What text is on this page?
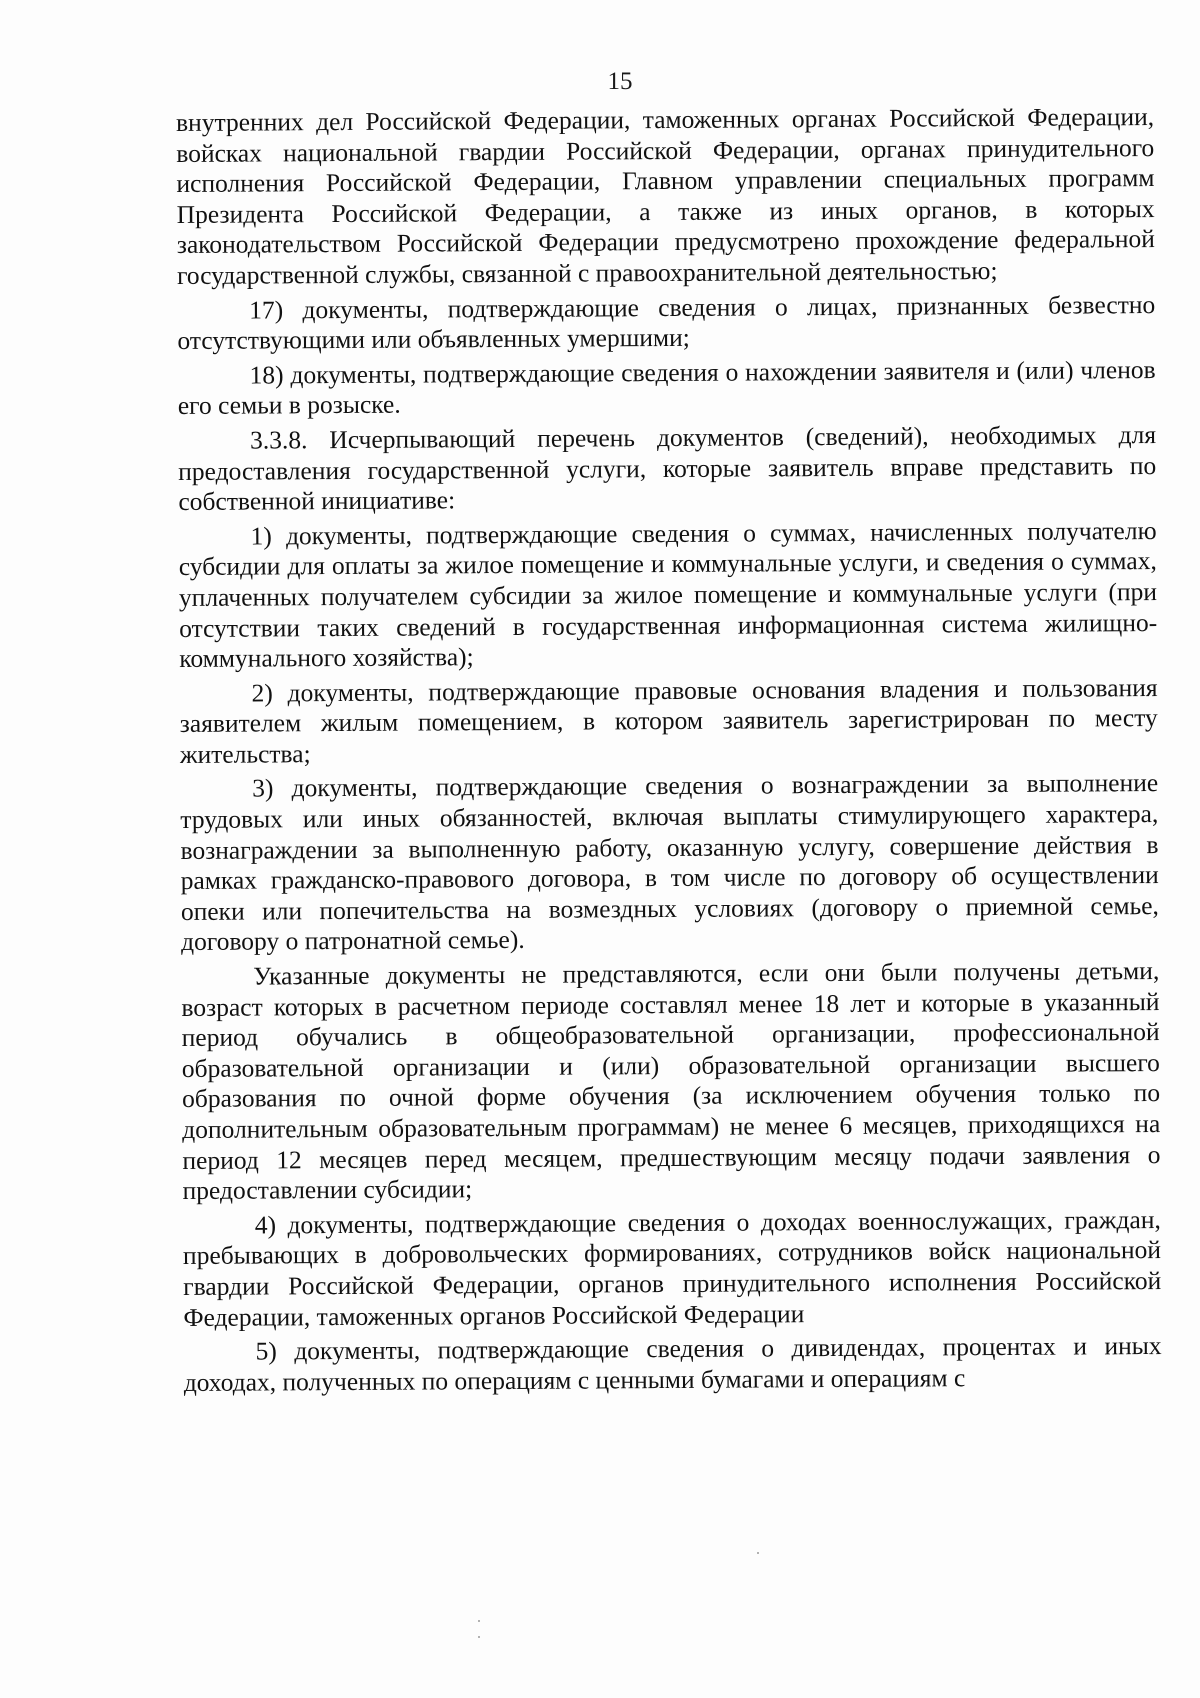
15

внутренних дел Российской Федерации, таможенных органах Российской Федерации, войсках национальной гвардии Российской Федерации, органах принудительного исполнения Российской Федерации, Главном управлении специальных программ Президента Российской Федерации, а также из иных органов, в которых законодательством Российской Федерации предусмотрено прохождение федеральной государственной службы, связанной с правоохранительной деятельностью;

17) документы, подтверждающие сведения о лицах, признанных безвестно отсутствующими или объявленных умершими;

18) документы, подтверждающие сведения о нахождении заявителя и (или) членов его семьи в розыске.

3.3.8. Исчерпывающий перечень документов (сведений), необходимых для предоставления государственной услуги, которые заявитель вправе представить по собственной инициативе:

1) документы, подтверждающие сведения о суммах, начисленных получателю субсидии для оплаты за жилое помещение и коммунальные услуги, и сведения о суммах, уплаченных получателем субсидии за жилое помещение и коммунальные услуги (при отсутствии таких сведений в государственная информационная система жилищно-коммунального хозяйства);

2) документы, подтверждающие правовые основания владения и пользования заявителем жилым помещением, в котором заявитель зарегистрирован по месту жительства;

3) документы, подтверждающие сведения о вознаграждении за выполнение трудовых или иных обязанностей, включая выплаты стимулирующего характера, вознаграждении за выполненную работу, оказанную услугу, совершение действия в рамках гражданско-правового договора, в том числе по договору об осуществлении опеки или попечительства на возмездных условиях (договору о приемной семье, договору о патронатной семье).

Указанные документы не представляются, если они были получены детьми, возраст которых в расчетном периоде составлял менее 18 лет и которые в указанный период обучались в общеобразовательной организации, профессиональной образовательной организации и (или) образовательной организации высшего образования по очной форме обучения (за исключением обучения только по дополнительным образовательным программам) не менее 6 месяцев, приходящихся на период 12 месяцев перед месяцем, предшествующим месяцу подачи заявления о предоставлении субсидии;

4) документы, подтверждающие сведения о доходах военнослужащих, граждан, пребывающих в добровольческих формированиях, сотрудников войск национальной гвардии Российской Федерации, органов принудительного исполнения Российской Федерации, таможенных органов Российской Федерации

5) документы, подтверждающие сведения о дивидендах, процентах и иных доходах, полученных по операциям с ценными бумагами и операциям с
